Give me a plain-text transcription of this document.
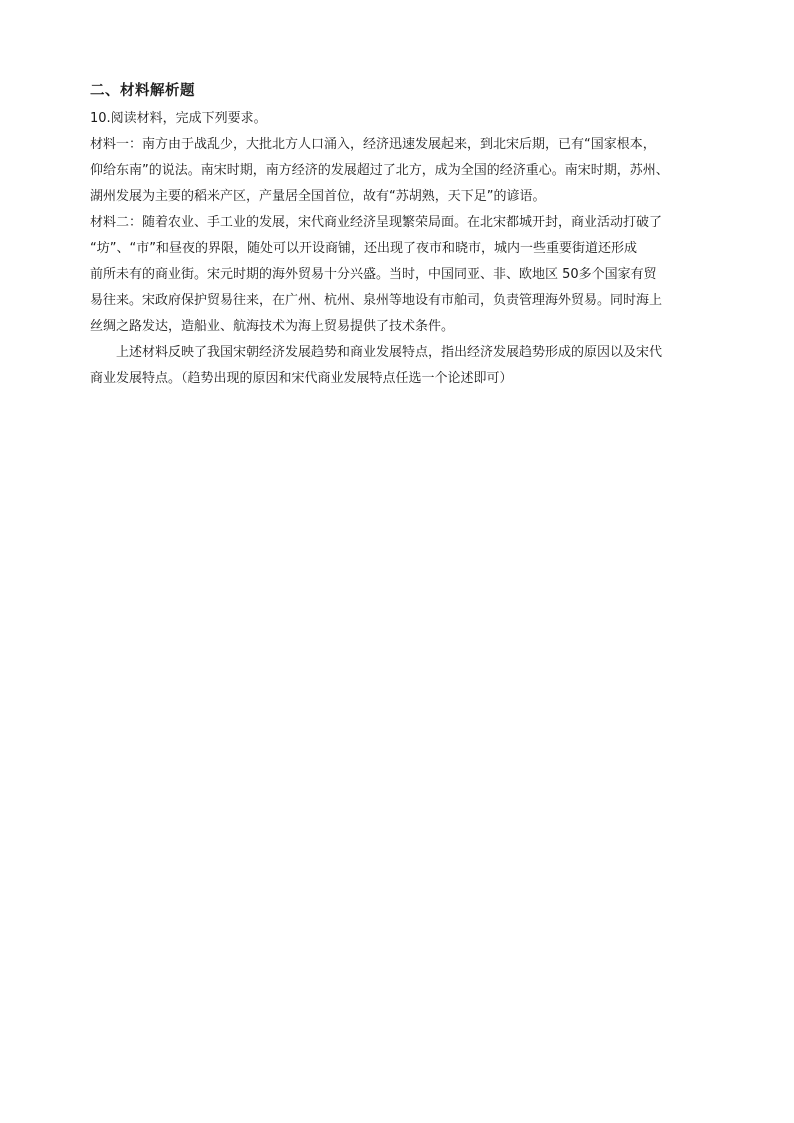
二、材料解析题

10.阅读材料，完成下列要求。

材料一：南方由于战乱少，大批北方人口涌入，经济迅速发展起来，到北宋后期，已有“国家根本，
仰给东南”的说法。南宋时期，南方经济的发展超过了北方，成为全国的经济重心。南宋时期，苏州、
湖州发展为主要的稻米产区，产量居全国首位，故有“苏胡熟，天下足”的谚语。
材料二：随着农业、手工业的发展，宋代商业经济呈现繁荣局面。在北宋都城开封，商业活动打破了
“坊”、“市”和昼夜的界限，随处可以开设商铺，还出现了夜市和晓市，城内一些重要街道还形成
前所未有的商业街。宋元时期的海外贸易十分兴盛。当时，中国同亚、非、欧地区 50多个国家有贸
易往来。宋政府保护贸易往来，在广州、杭州、泉州等地设有市舶司，负责管理海外贸易。同时海上
丝绸之路发达，造船业、航海技术为海上贸易提供了技术条件。
上述材料反映了我国宋朝经济发展趋势和商业发展特点，指出经济发展趋势形成的原因以及宋代
商业发展特点。（趋势出现的原因和宋代商业发展特点任选一个论述即可）
